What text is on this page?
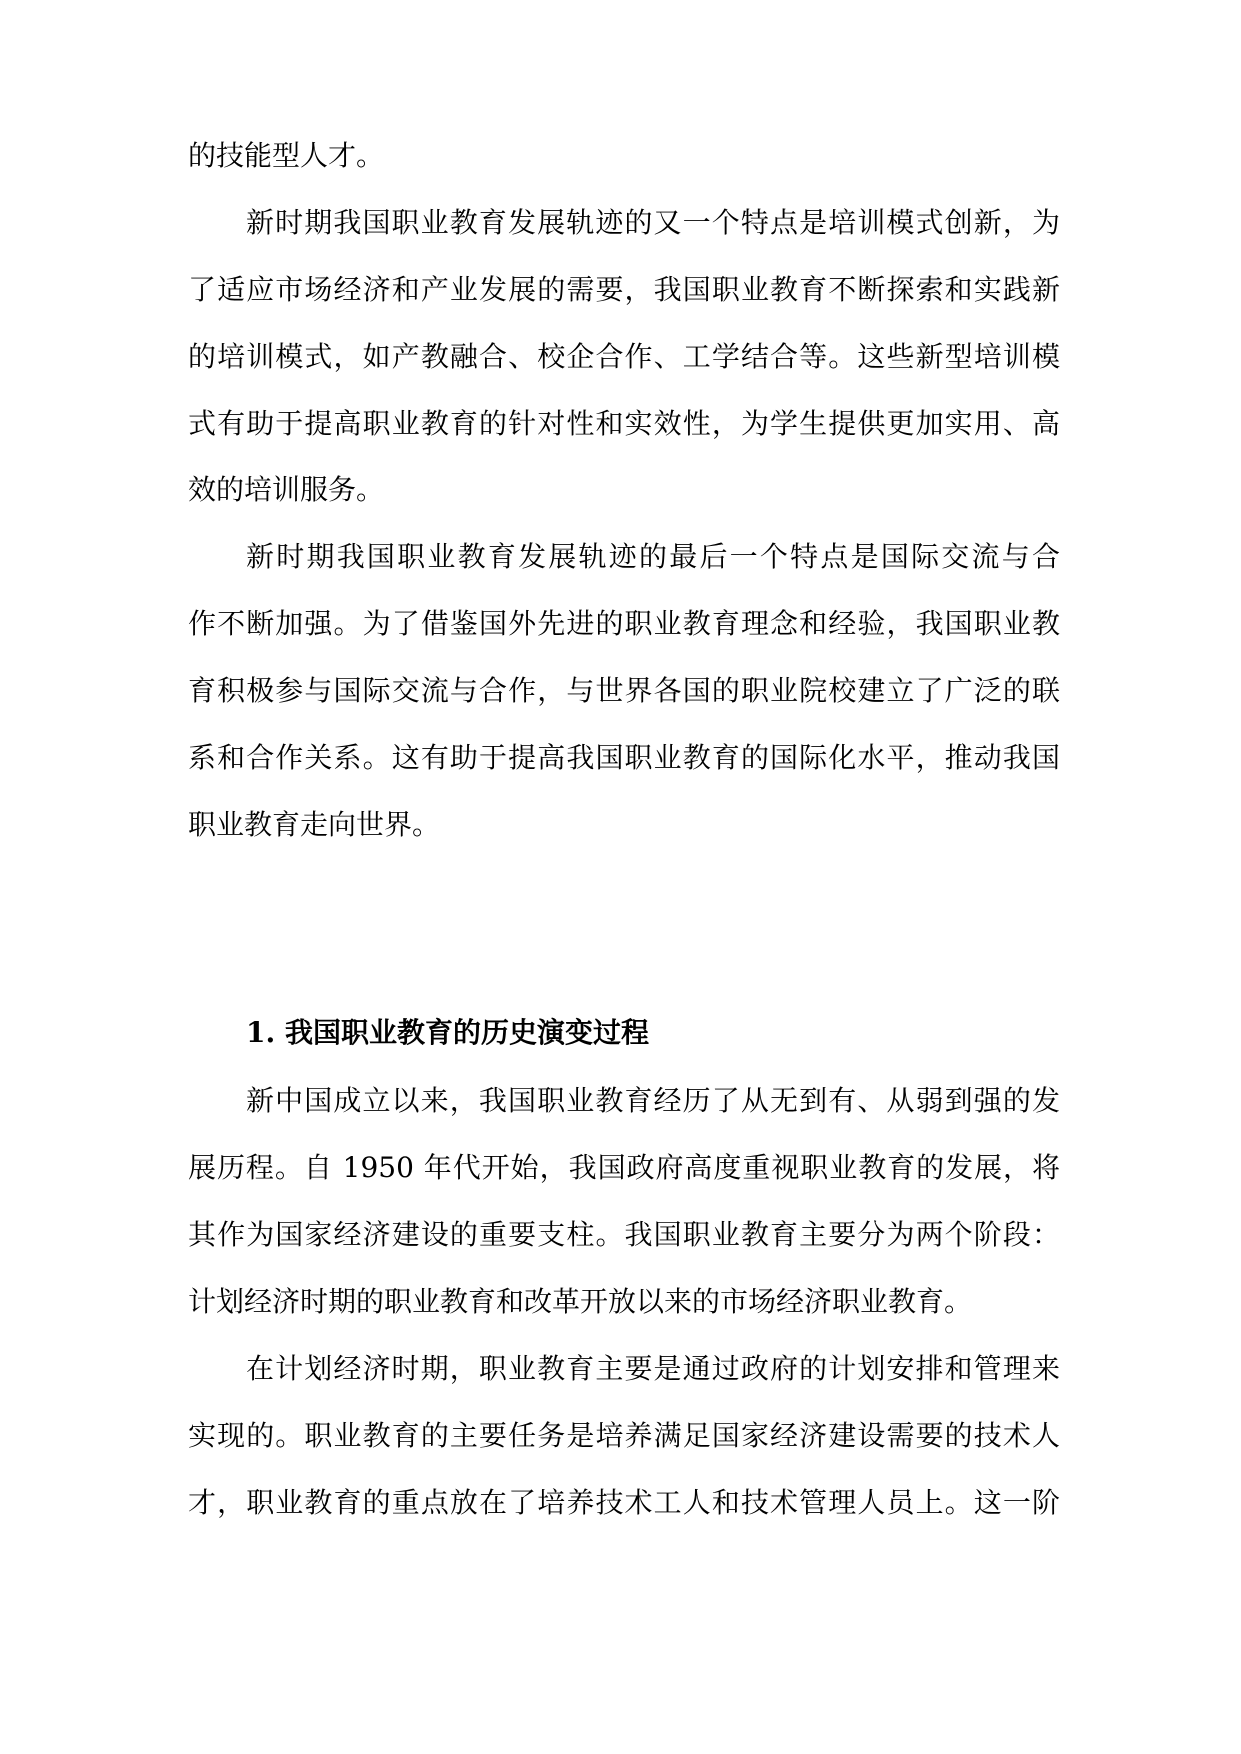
的技能型人才。
新时期我国职业教育发展轨迹的又一个特点是培训模式创新，为
了适应市场经济和产业发展的需要，我国职业教育不断探索和实践新
的培训模式，如产教融合、校企合作、工学结合等。这些新型培训模
式有助于提高职业教育的针对性和实效性，为学生提供更加实用、高
效的培训服务。
新时期我国职业教育发展轨迹的最后一个特点是国际交流与合
作不断加强。为了借鉴国外先进的职业教育理念和经验，我国职业教
育积极参与国际交流与合作，与世界各国的职业院校建立了广泛的联
系和合作关系。这有助于提高我国职业教育的国际化水平，推动我国
职业教育走向世界。
1. 我国职业教育的历史演变过程
新中国成立以来，我国职业教育经历了从无到有、从弱到强的发
展历程。自 1950 年代开始，我国政府高度重视职业教育的发展，将
其作为国家经济建设的重要支柱。我国职业教育主要分为两个阶段：
计划经济时期的职业教育和改革开放以来的市场经济职业教育。
在计划经济时期，职业教育主要是通过政府的计划安排和管理来
实现的。职业教育的主要任务是培养满足国家经济建设需要的技术人
才，职业教育的重点放在了培养技术工人和技术管理人员上。这一阶
